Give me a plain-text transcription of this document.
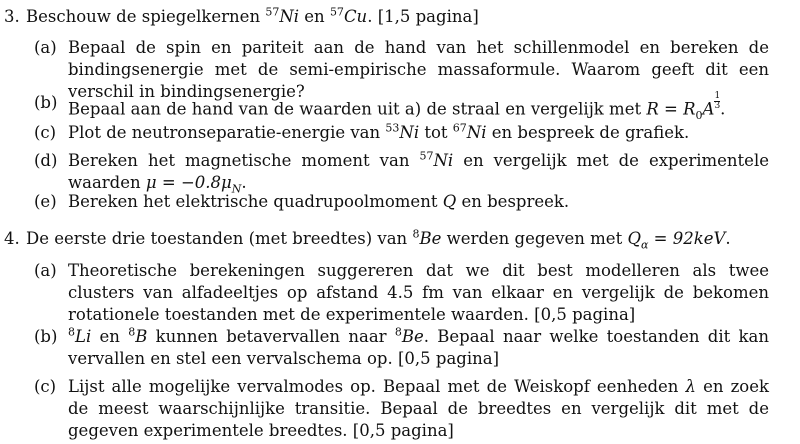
3. Beschouw de spiegelkernen $^{57}$Ni en $^{57}$Cu. [1,5 pagina]
(a) Bepaal de spin en pariteit aan de hand van het schillenmodel en bereken de bindingsenergie met de semi-empirische massaformule. Waarom geeft dit een verschil in bindingsenergie?
(b) Bepaal aan de hand van de waarden uit a) de straal en vergelijk met $R = R_0A \frac{1}{3}$ .
(c) Plot de neutronseparatie-energie van $^{53}$Ni tot $^{67}$Ni en bespreek de grafiek.
(d) Bereken het magnetische moment van $^{57}$Ni en vergelijk met de experimentele waarden $\mu = -0.8\mu_N$.
(e) Bereken het elektrische quadrupoolmoment Q en bespreek.
4. De eerste drie toestanden (met breedtes) van $^8$Be werden gegeven met $Q_\alpha = 92keV$.
(a) Theoretische berekeningen suggereren dat we dit best modelleren als twee clusters van alfadeeltjes op afstand 4.5 fm van elkaar en vergelijk de bekomen rotationele toestanden met de experimentele waarden. [0,5 pagina]
(b) $^8$Li en $^8$B kunnen betavervallen naar $^8$Be. Bepaal naar welke toestanden dit kan vervallen en stel een vervalschema op. [0,5 pagina]
(c) Lijst alle mogelijke vervalmodes op. Bepaal met de Weiskopf eenheden λ en zoek de meest waarschijnlijke transitie. Bepaal de breedtes en vergelijk dit met de gegeven experimentele breedtes. [0,5 pagina]
